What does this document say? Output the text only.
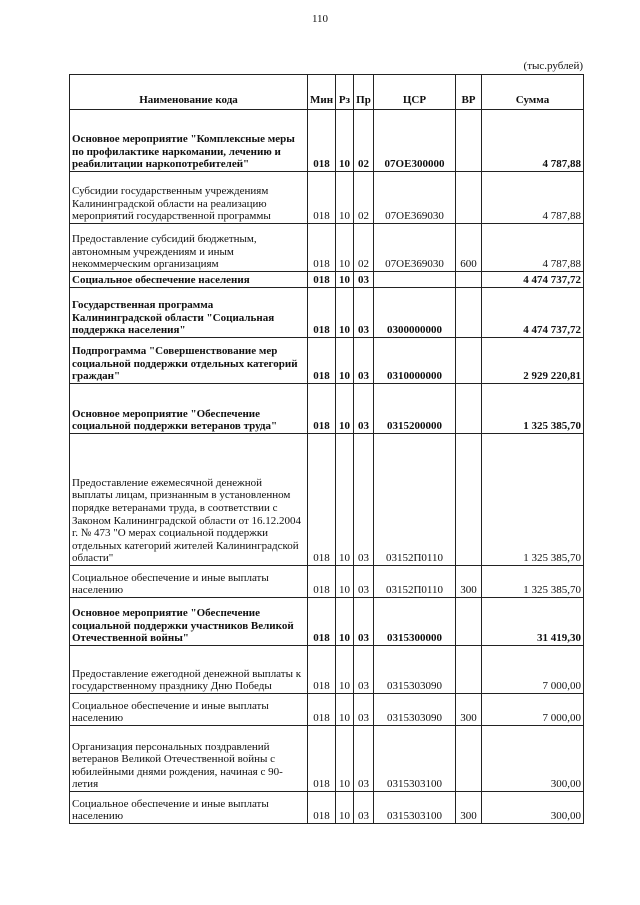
110
(тыс.рублей)
Наименование кода	Мин	Рз	Пр	ЦСР	ВР	Сумма
Основное мероприятие "Комплексные меры по профилактике наркомании, лечению и реабилитации наркопотребителей"	018	10	02	07ОЕ300000		4 787,88
Субсидии государственным учреждениям Калининградской области на реализацию мероприятий государственной программы	018	10	02	07ОЕ369030		4 787,88
Предоставление субсидий бюджетным, автономным учреждениям и иным некоммерческим организациям	018	10	02	07ОЕ369030	600	4 787,88
Социальное обеспечение населения	018	10	03			4 474 737,72
Государственная программа Калининградской области "Социальная поддержка населения"	018	10	03	0300000000		4 474 737,72
Подпрограмма "Совершенствование мер социальной поддержки отдельных категорий граждан"	018	10	03	0310000000		2 929 220,81
Основное мероприятие "Обеспечение социальной поддержки ветеранов труда"	018	10	03	0315200000		1 325 385,70
Предоставление ежемесячной денежной выплаты лицам, признанным в установленном порядке ветеранами труда, в соответствии с Законом Калининградской области от 16.12.2004 г. № 473 "О мерах социальной поддержки отдельных категорий жителей Калининградской области"	018	10	03	03152П0110		1 325 385,70
Социальное обеспечение и иные выплаты населению	018	10	03	03152П0110	300	1 325 385,70
Основное мероприятие "Обеспечение социальной поддержки участников Великой Отечественной войны"	018	10	03	0315300000		31 419,30
Предоставление ежегодной денежной выплаты к государственному празднику Дню Победы	018	10	03	0315303090		7 000,00
Социальное обеспечение и иные выплаты населению	018	10	03	0315303090	300	7 000,00
Организация персональных поздравлений ветеранов Великой Отечественной войны с юбилейными днями рождения, начиная с 90-летия	018	10	03	0315303100		300,00
Социальное обеспечение и иные выплаты населению	018	10	03	0315303100	300	300,00
